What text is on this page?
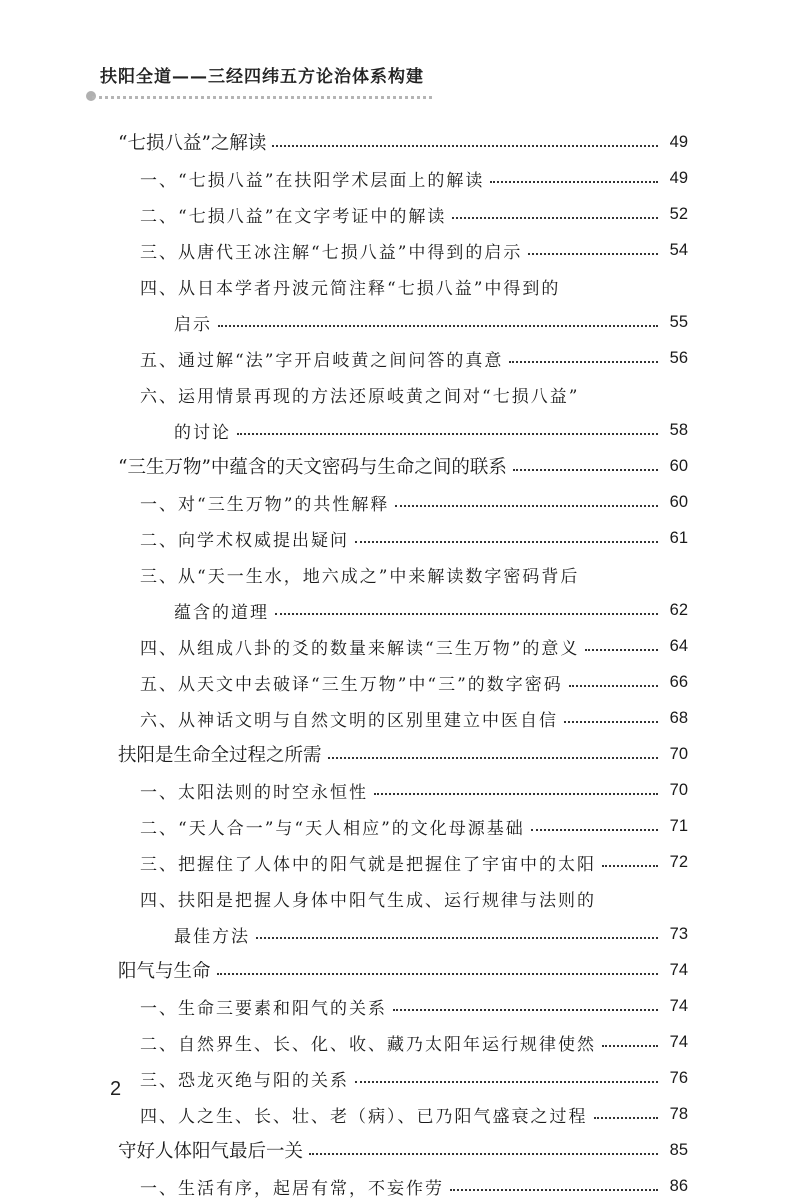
扶阳全道——三经四纬五方论治体系构建
“七损八益”之解读	49
一、“七损八益”在扶阳学术层面上的解读	49
二、“七损八益”在文字考证中的解读	52
三、从唐代王冰注解“七损八益”中得到的启示	54
四、从日本学者丹波元简注释“七损八益”中得到的
启示	55
五、通过解“法”字开启岐黄之间问答的真意	56
六、运用情景再现的方法还原岐黄之间对“七损八益”
的讨论	58
“三生万物”中蕴含的天文密码与生命之间的联系	60
一、对“三生万物”的共性解释	60
二、向学术权威提出疑问	61
三、从“天一生水，地六成之”中来解读数字密码背后
蕴含的道理	62
四、从组成八卦的爻的数量来解读“三生万物”的意义	64
五、从天文中去破译“三生万物”中“三”的数字密码	66
六、从神话文明与自然文明的区别里建立中医自信	68
扶阳是生命全过程之所需	70
一、太阳法则的时空永恒性	70
二、“天人合一”与“天人相应”的文化母源基础	71
三、把握住了人体中的阳气就是把握住了宇宙中的太阳	72
四、扶阳是把握人身体中阳气生成、运行规律与法则的
最佳方法	73
阳气与生命	74
一、生命三要素和阳气的关系	74
二、自然界生、长、化、收、藏乃太阳年运行规律使然	74
三、恐龙灭绝与阳的关系	76
四、人之生、长、壮、老（病）、已乃阳气盛衰之过程	78
守好人体阳气最后一关	85
一、生活有序，起居有常，不妄作劳	86
2
